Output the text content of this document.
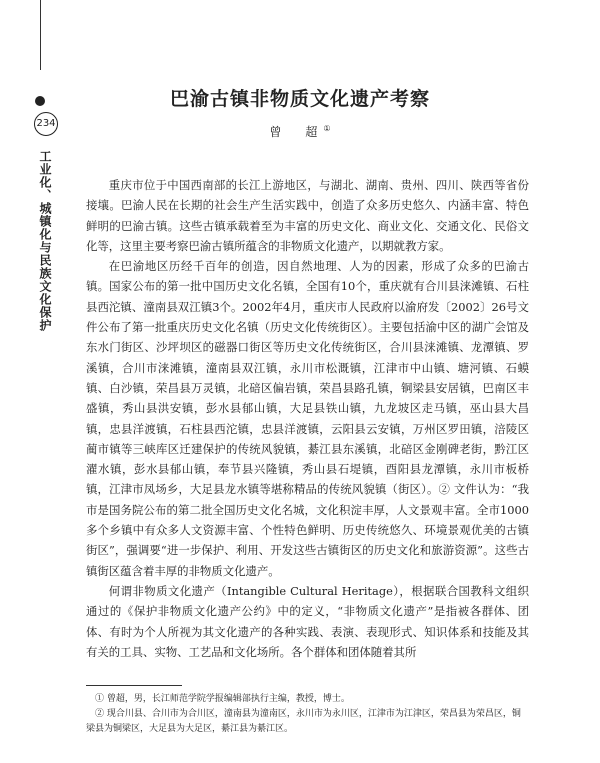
234
工业化、城镇化与民族文化保护
巴渝古镇非物质文化遗产考察
曾　超①

重庆市位于中国西南部的长江上游地区，与湖北、湖南、贵州、四川、陕西等省份接壤。巴渝人民在长期的社会生产生活实践中，创造了众多历史悠久、内涵丰富、特色鲜明的巴渝古镇。这些古镇承载着至为丰富的历史文化、商业文化、交通文化、民俗文化等，这里主要考察巴渝古镇所蕴含的非物质文化遗产，以期就教方家。

在巴渝地区历经千百年的创造，因自然地理、人为的因素，形成了众多的巴渝古镇。国家公布的第一批中国历史文化名镇，全国有10个，重庆就有合川县涞滩镇、石柱县西沱镇、潼南县双江镇3个。2002年4月，重庆市人民政府以渝府发〔2002〕26号文件公布了第一批重庆历史文化名镇（历史文化传统街区）。主要包括渝中区的湖广会馆及东水门街区、沙坪坝区的磁器口街区等历史文化传统街区，合川县涞滩镇、龙潭镇、罗溪镇，合川市涞滩镇，潼南县双江镇，永川市松溉镇，江津市中山镇、塘河镇、石蟆镇、白沙镇，荣昌县万灵镇，北碚区偏岩镇，荣昌县路孔镇，铜梁县安居镇，巴南区丰盛镇，秀山县洪安镇，彭水县郁山镇，大足县铁山镇，九龙坡区走马镇，巫山县大昌镇，忠县洋渡镇，石柱县西沱镇，忠县洋渡镇，云阳县云安镇，万州区罗田镇，涪陵区蔺市镇等三峡库区迁建保护的传统风貌镇，綦江县东溪镇，北碚区金刚碑老街，黔江区濯水镇，彭水县郁山镇，奉节县兴隆镇，秀山县石堤镇，酉阳县龙潭镇，永川市板桥镇，江津市凤场乡，大足县龙水镇等堪称精品的传统风貌镇（街区）。② 文件认为：“我市是国务院公布的第二批全国历史文化名城，文化积淀丰厚，人文景观丰富。全市1000多个乡镇中有众多人文资源丰富、个性特色鲜明、历史传统悠久、环境景观优美的古镇街区”，强调要“进一步保护、利用、开发这些古镇街区的历史文化和旅游资源”。这些古镇街区蕴含着丰厚的非物质文化遗产。

何谓非物质文化遗产（Intangible Cultural Heritage），根据联合国教科文组织通过的《保护非物质文化遗产公约》中的定义，“非物质文化遗产”是指被各群体、团体、有时为个人所视为其文化遗产的各种实践、表演、表现形式、知识体系和技能及其有关的工具、实物、工艺品和文化场所。各个群体和团体随着其所

① 曾超，男，长江师范学院学报编辑部执行主编，教授，博士。
② 现合川县、合川市为合川区，潼南县为潼南区，永川市为永川区，江津市为江津区，荣昌县为荣昌区，铜梁县为铜梁区，大足县为大足区，綦江县为綦江区。
